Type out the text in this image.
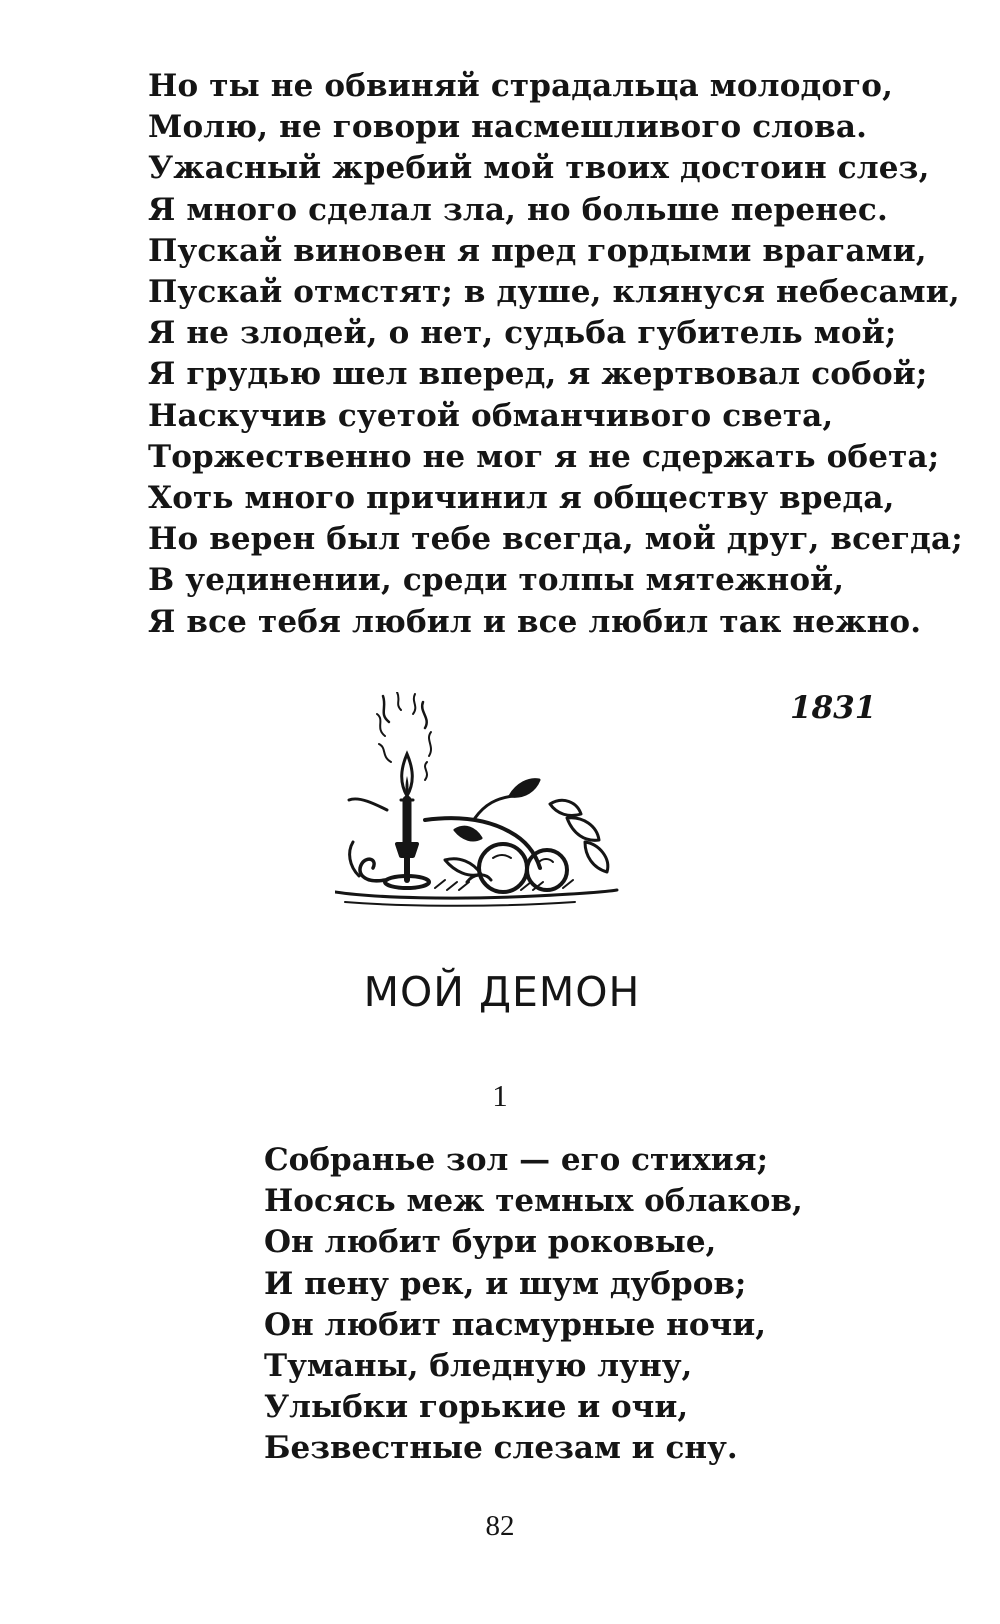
Но ты не обвиняй страдальца молодого,
Молю, не говори насмешливого слова.
Ужасный жребий мой твоих достоин слез,
Я много сделал зла, но больше перенес.
Пускай виновен я пред гордыми врагами,
Пускай отмстят; в душе, клянуся небесами,
Я не злодей, о нет, судьба губитель мой;
Я грудью шел вперед, я жертвовал собой;
Наскучив суетой обманчивого света,
Торжественно не мог я не сдержать обета;
Хоть много причинил я обществу вреда,
Но верен был тебе всегда, мой друг, всегда;
В уединении, среди толпы мятежной,
Я все тебя любил и все любил так нежно.
1831
МОЙ ДЕМОН
1
Собранье зол — его стихия;
Носясь меж темных облаков,
Он любит бури роковые,
И пену рек, и шум дубров;
Он любит пасмурные ночи,
Туманы, бледную луну,
Улыбки горькие и очи,
Безвестные слезам и сну.
82
